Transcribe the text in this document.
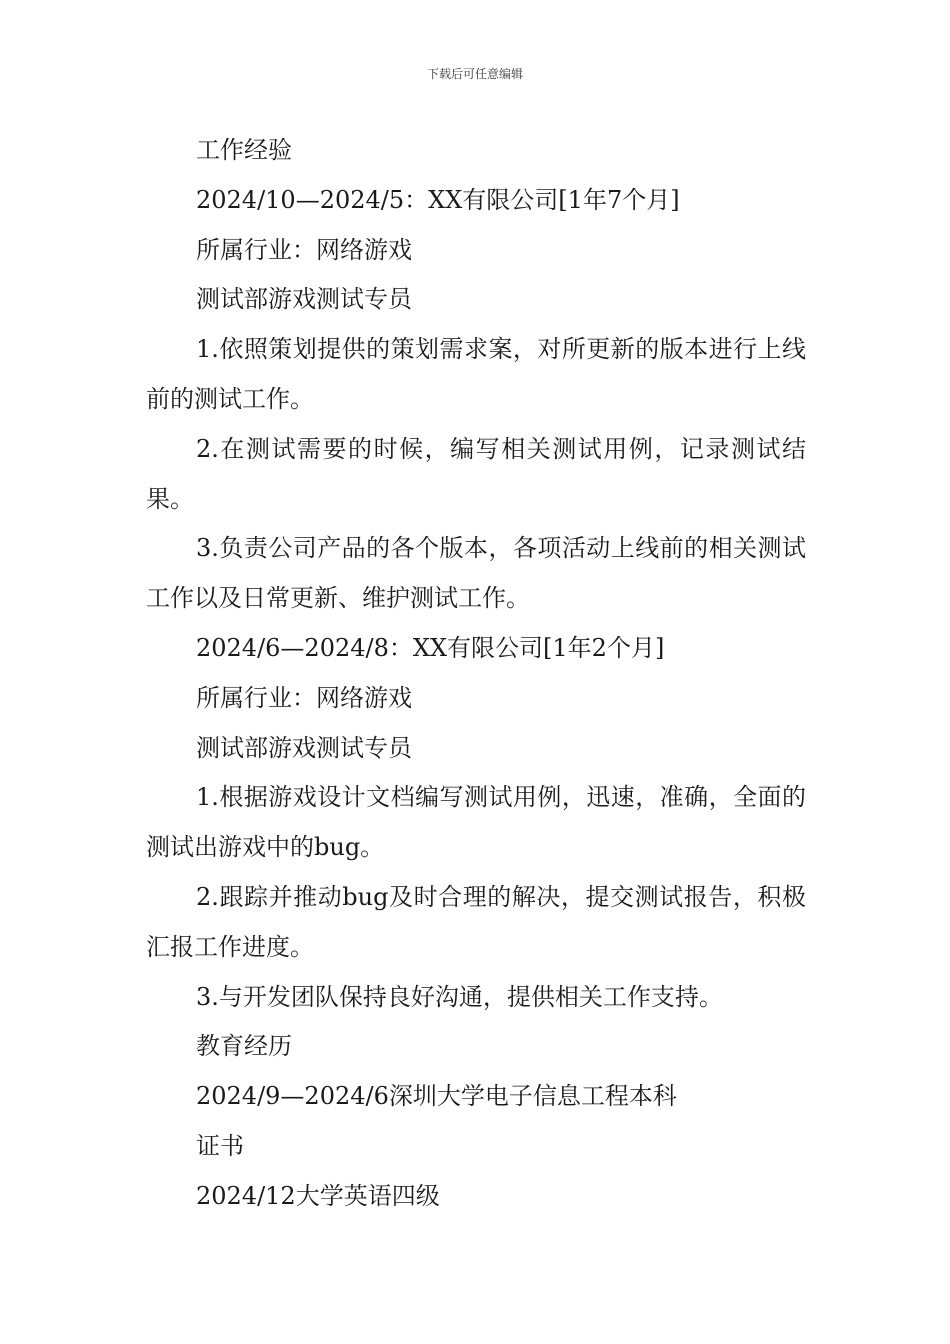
下载后可任意编辑

工作经验

2024/10—2024/5：XX有限公司[1年7个月]

所属行业：网络游戏

测试部游戏测试专员

1.依照策划提供的策划需求案，对所更新的版本进行上线前的测试工作。

2.在测试需要的时候，编写相关测试用例，记录测试结果。

3.负责公司产品的各个版本，各项活动上线前的相关测试工作以及日常更新、维护测试工作。

2024/6—2024/8：XX有限公司[1年2个月]

所属行业：网络游戏

测试部游戏测试专员

1.根据游戏设计文档编写测试用例，迅速，准确，全面的测试出游戏中的bug。

2.跟踪并推动bug及时合理的解决，提交测试报告，积极汇报工作进度。

3.与开发团队保持良好沟通，提供相关工作支持。

教育经历

2024/9—2024/6深圳大学电子信息工程本科

证书

2024/12大学英语四级
